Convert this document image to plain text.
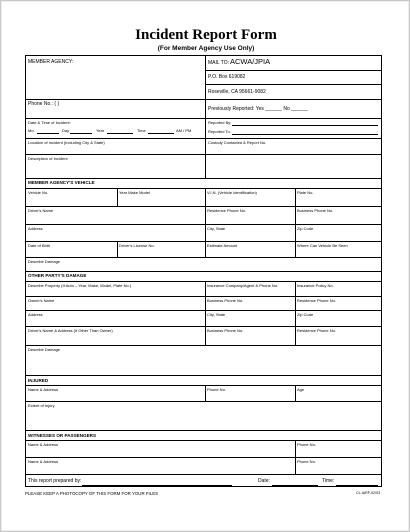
Incident Report Form
(For Member Agency Use Only)
MEMBER AGENCY:	MAIL TO: ACWA/JPIA
P.O. Box 619082
Roseville, CA 95661-9082
Phone No.: ( )
Previously Reported: Yes ______ No ______
Date & Time of Incident:
Mo.	Day	Year	Time	AM / PM
Reported By:
Reported To:
Location of Incident (Including City & State)	Custody Contacted & Report No.
Description of Incident
MEMBER AGENCY'S VEHICLE
Vehicle No.	Year Make Model	V.I.N. (Vehicle Identification)	Plate No.
Driver's Name	Residence Phone No.	Business Phone No.
Address	City, State	Zip Code
Date of Birth	Driver's License No.	Estimate Amount	Where Can Vehicle Be Seen
Describe Damage
OTHER PARTY'S DAMAGE
Describe Property (If Auto – Year, Make, Model, Plate No.)	Insurance Company/Agent & Phone No.	Insurance Policy No.
Owner's Name	Business Phone No.	Residence Phone No.
Address	City, State	Zip Code
Driver's Name & Address (If Other Than Owner)	Business Phone No.	Residence Phone No.
Describe Damage
INJURED
Name & Address	Phone No.	Age
Extent of Injury
WITNESSES OR PASSENGERS
Name & Address	Phone No.
Name & Address	Phone No.
This report prepared by:	Date:	Time:
PLEASE KEEP A PHOTOCOPY OF THIS FORM FOR YOUR FILES	CL-IARF-02/03
